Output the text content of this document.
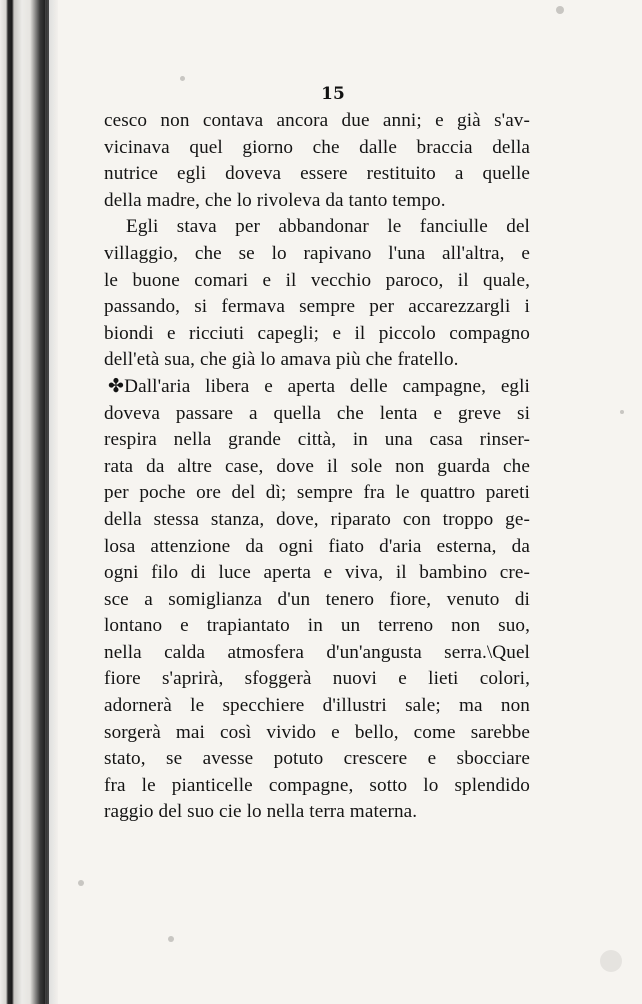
15
cesco non contava ancora due anni; e già s'av-
vicinava quel giorno che dalle braccia della
nutrice egli doveva essere restituito a quelle
della madre, che lo rivoleva da tanto tempo.
Egli stava per abbandonar le fanciulle del
villaggio, che se lo rapivano l'una all'altra, e
le buone comari e il vecchio paroco, il quale,
passando, si fermava sempre per accarezzargli i
biondi e ricciuti capegli; e il piccolo compagno
dell'età sua, che già lo amava più che fratello.
✤Dall'aria libera e aperta delle campagne, egli
doveva passare a quella che lenta e greve si
respira nella grande città, in una casa rinser-
rata da altre case, dove il sole non guarda che
per poche ore del dì; sempre fra le quattro pareti
della stessa stanza, dove, riparato con troppo ge-
losa attenzione da ogni fiato d'aria esterna, da
ogni filo di luce aperta e viva, il bambino cre-
sce a somiglianza d'un tenero fiore, venuto di
lontano e trapiantato in un terreno non suo,
nella calda atmosfera d'un'angusta serra.\Quel
fiore s'aprirà, sfoggerà nuovi e lieti colori,
adornerà le specchiere d'illustri sale; ma non
sorgerà mai così vivido e bello, come sarebbe
stato, se avesse potuto crescere e sbocciare
fra le pianticelle compagne, sotto lo splendido
raggio del suo cie lo nella terra materna.
